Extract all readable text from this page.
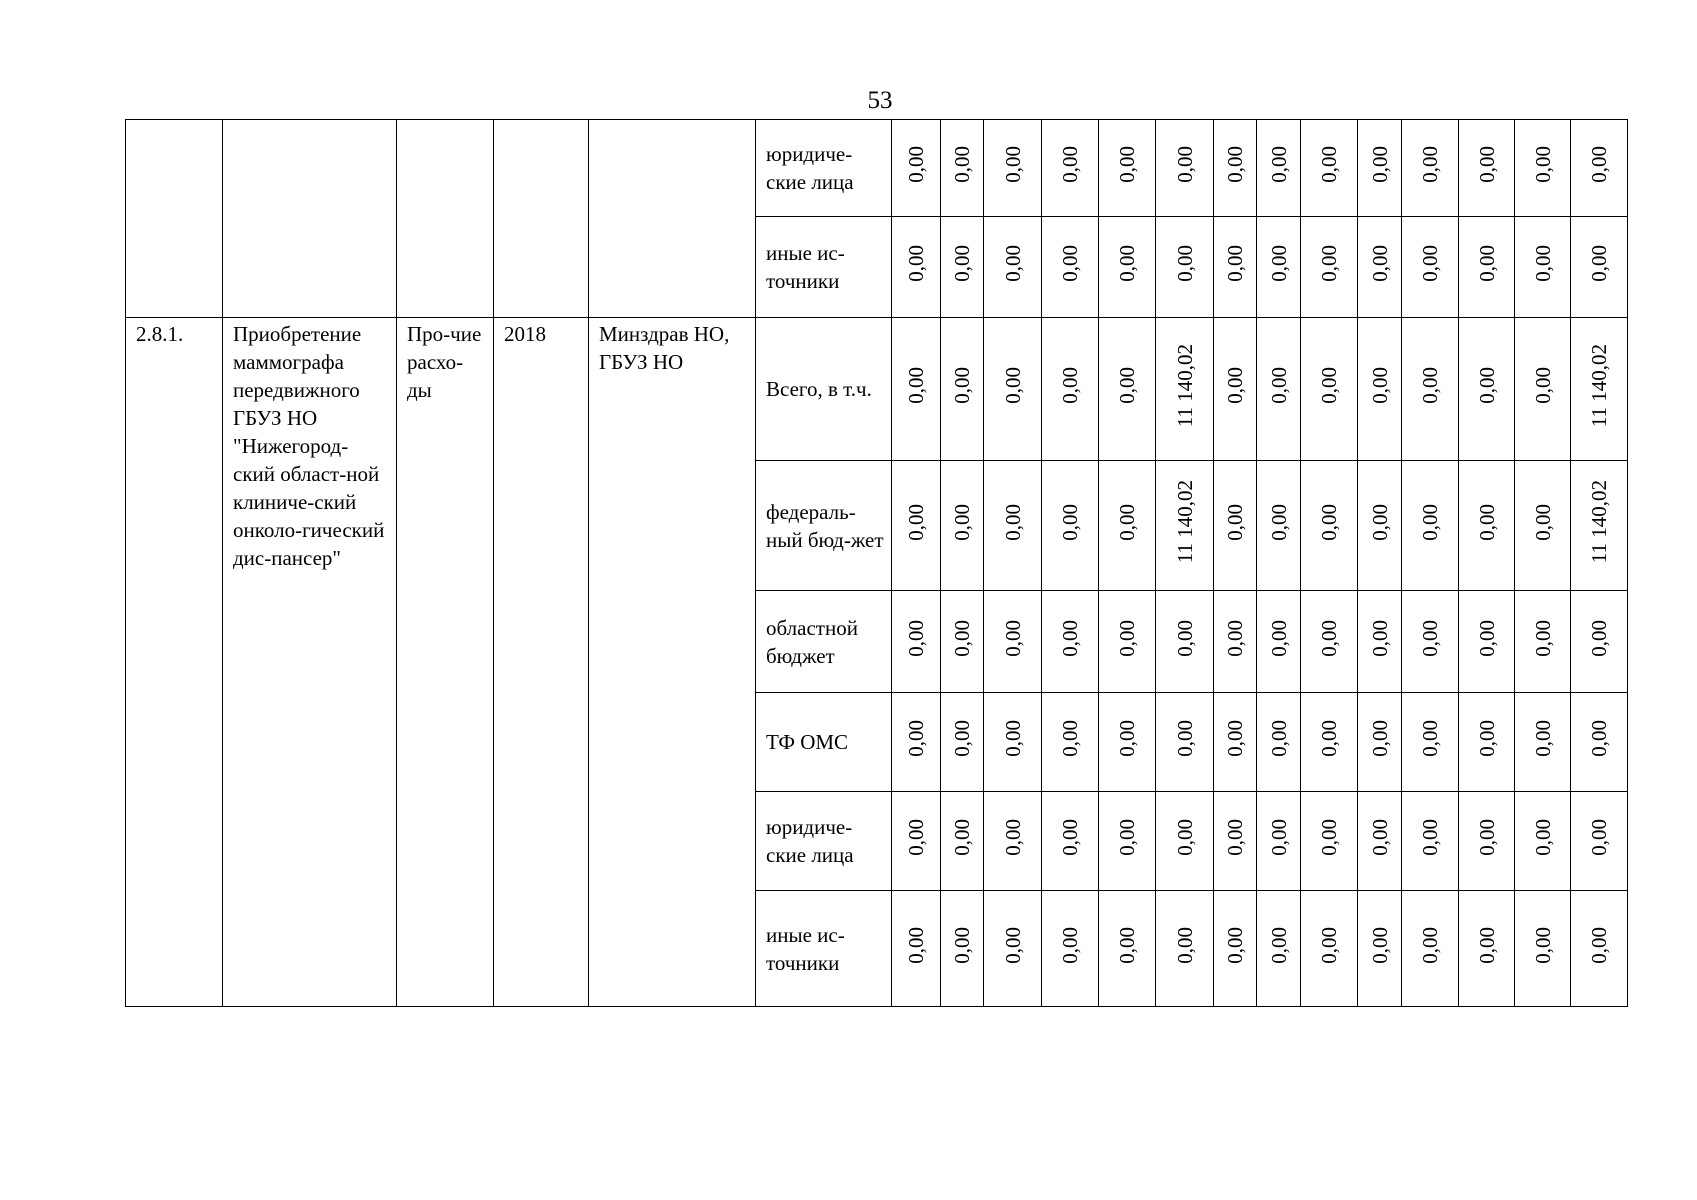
53
					юридиче-ские лица	0,00	0,00	0,00	0,00	0,00	0,00	0,00	0,00	0,00	0,00	0,00	0,00	0,00	0,00
					иные ис-точники	0,00	0,00	0,00	0,00	0,00	0,00	0,00	0,00	0,00	0,00	0,00	0,00	0,00	0,00
2.8.1.	Приобретение маммографа передвижного ГБУЗ НО "Нижегород-ский област-ной клиниче-ский онколо-гический дис-пансер"	Про-чие расхо-ды	2018	Минздрав НО, ГБУЗ НО	Всего, в т.ч.	0,00	0,00	0,00	0,00	0,00	11 140,02	0,00	0,00	0,00	0,00	0,00	0,00	0,00	11 140,02
					федераль-ный бюд-жет	0,00	0,00	0,00	0,00	0,00	11 140,02	0,00	0,00	0,00	0,00	0,00	0,00	0,00	11 140,02
					областной бюджет	0,00	0,00	0,00	0,00	0,00	0,00	0,00	0,00	0,00	0,00	0,00	0,00	0,00	0,00
					ТФ ОМС	0,00	0,00	0,00	0,00	0,00	0,00	0,00	0,00	0,00	0,00	0,00	0,00	0,00	0,00
					юридиче-ские лица	0,00	0,00	0,00	0,00	0,00	0,00	0,00	0,00	0,00	0,00	0,00	0,00	0,00	0,00
					иные ис-точники	0,00	0,00	0,00	0,00	0,00	0,00	0,00	0,00	0,00	0,00	0,00	0,00	0,00	0,00
